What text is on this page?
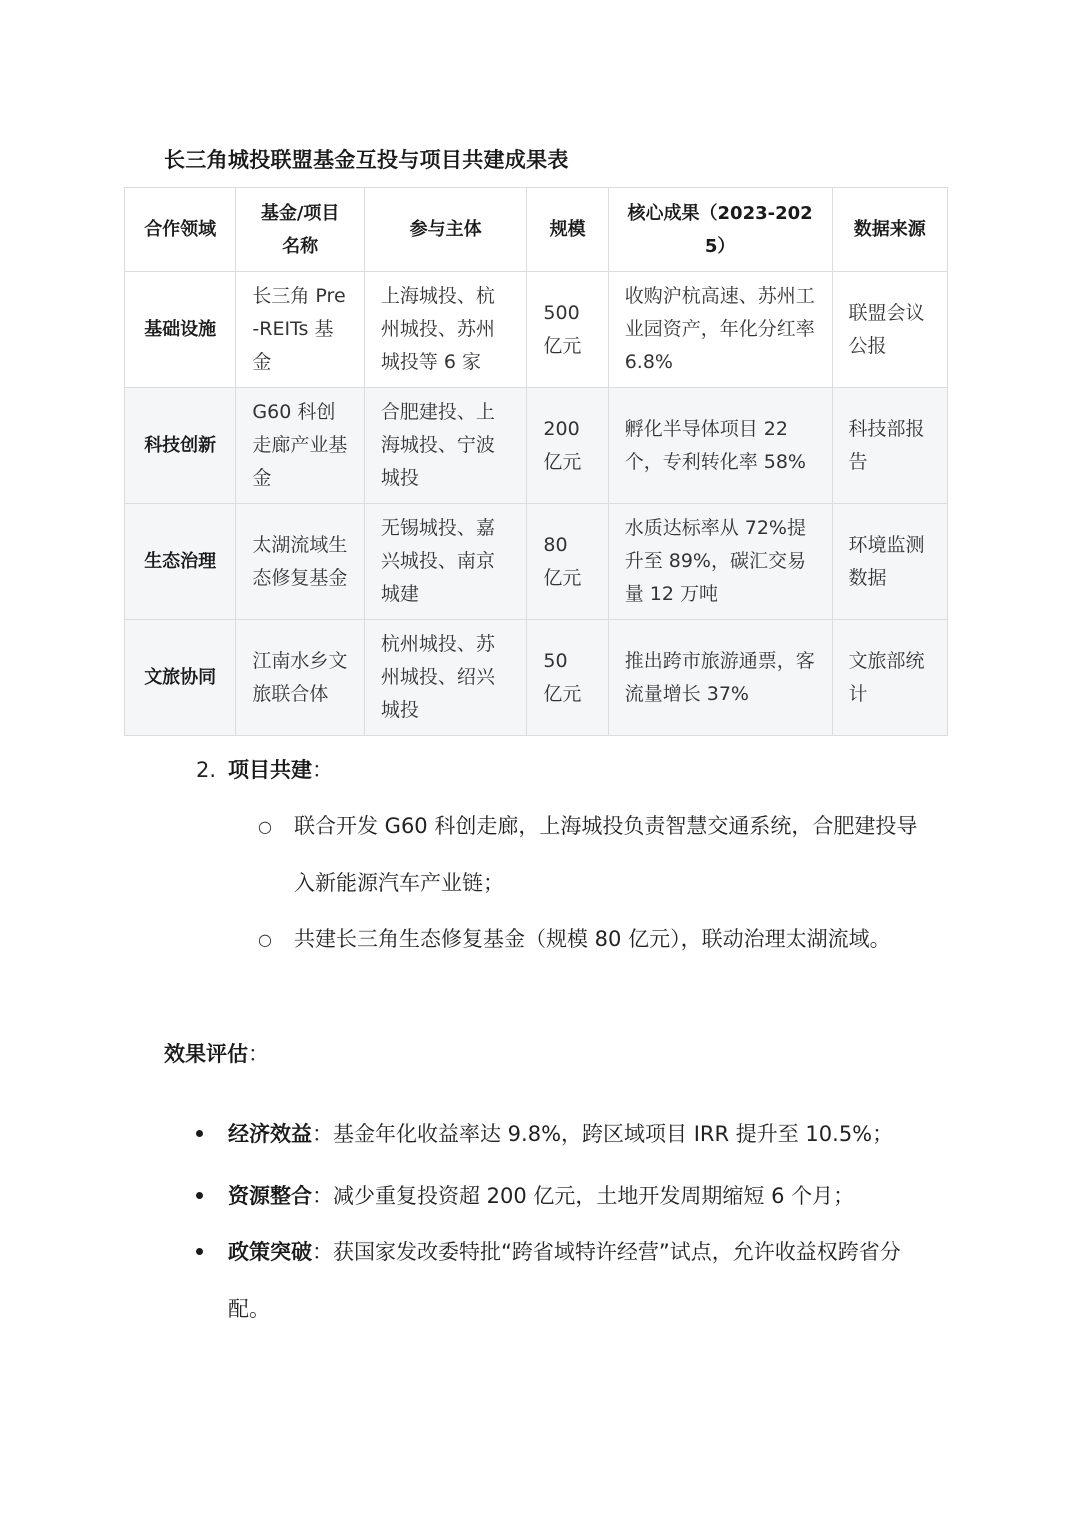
长三角城投联盟基金互投与项目共建成果表
合作领域	基金/项目名称	参与主体	规模	核心成果（2023-2025）	数据来源
基础设施	长三角 Pre-REITs 基金	上海城投、杭州城投、苏州城投等 6 家	500 亿元	收购沪杭高速、苏州工业园资产，年化分红率 6.8%	联盟会议公报
科技创新	G60 科创走廊产业基金	合肥建投、上海城投、宁波城投	200 亿元	孵化半导体项目 22 个，专利转化率 58%	科技部报告
生态治理	太湖流域生态修复基金	无锡城投、嘉兴城投、南京城建	80 亿元	水质达标率从 72%提升至 89%，碳汇交易量 12 万吨	环境监测数据
文旅协同	江南水乡文旅联合体	杭州城投、苏州城投、绍兴城投	50 亿元	推出跨市旅游通票，客流量增长 37%	文旅部统计
2. 项目共建：
○ 联合开发 G60 科创走廊，上海城投负责智慧交通系统，合肥建投导入新能源汽车产业链；
○ 共建长三角生态修复基金（规模 80 亿元），联动治理太湖流域。
效果评估：
经济效益：基金年化收益率达 9.8%，跨区域项目 IRR 提升至 10.5%；
资源整合：减少重复投资超 200 亿元，土地开发周期缩短 6 个月；
政策突破：获国家发改委特批“跨省域特许经营”试点，允许收益权跨省分配。
